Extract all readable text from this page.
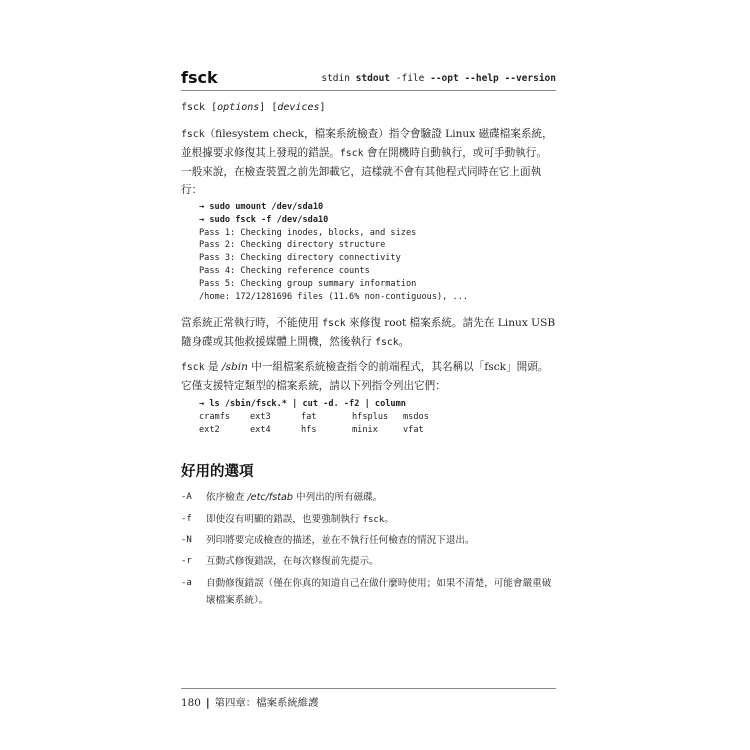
fsck	stdin stdout -file --opt --help --version
fsck [options] [devices]
fsck（filesystem check，檔案系統檢查）指令會驗證 Linux 磁碟檔案系統，並根據要求修復其上發現的錯誤。fsck 會在開機時自動執行，或可手動執行。一般來說，在檢查裝置之前先卸載它，這樣就不會有其他程式同時在它上面執行：
→ sudo umount /dev/sda10
→ sudo fsck -f /dev/sda10
Pass 1: Checking inodes, blocks, and sizes
Pass 2: Checking directory structure
Pass 3: Checking directory connectivity
Pass 4: Checking reference counts
Pass 5: Checking group summary information
/home: 172/1281696 files (11.6% non-contiguous), ...
當系統正常執行時，不能使用 fsck 來修復 root 檔案系統。請先在 Linux USB 隨身碟或其他救援媒體上開機，然後執行 fsck。
fsck 是 /sbin 中一組檔案系統檢查指令的前端程式，其名稱以「fsck」開頭。它僅支援特定類型的檔案系統，請以下列指令列出它們：
→ ls /sbin/fsck.* | cut -d. -f2 | column
cramfs	ext3	fat	hfsplus	msdos
ext2	ext4	hfs	minix	vfat
好用的選項
-A 依序檢查 /etc/fstab 中列出的所有磁碟。
-f 即使沒有明顯的錯誤，也要強制執行 fsck。
-N 列印將要完成檢查的描述，並在不執行任何檢查的情況下退出。
-r 互動式修復錯誤，在每次修復前先提示。
-a 自動修復錯誤（僅在你真的知道自己在做什麼時使用；如果不清楚，可能會嚴重破壞檔案系統）。
180 | 第四章：檔案系統維護
